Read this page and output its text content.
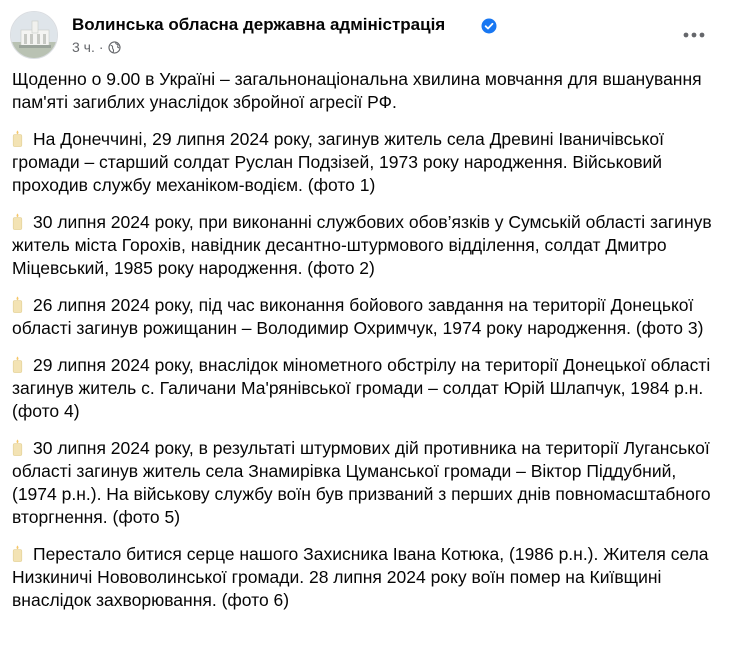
Волинська обласна державна адміністрація
3 ч. ·

Щоденно о 9.00 в Україні – загальнонаціональна хвилина мовчання для вшанування пам'яті загиблих унаслідок збройної агресії РФ.

На Донеччині, 29 липня 2024 року, загинув житель села Древині Іваничівської громади – старший солдат Руслан Подзізей, 1973 року народження. Військовий проходив службу механіком-водієм. (фото 1)

30 липня 2024 року, при виконанні службових обов’язків у Сумській області загинув житель міста Горохів, навідник десантно-штурмового відділення, солдат Дмитро Міцевський, 1985 року народження. (фото 2)

26 липня 2024 року, під час виконання бойового завдання на території Донецької області загинув рожищанин – Володимир Охримчук, 1974 року народження. (фото 3)

29 липня 2024 року, внаслідок мінометного обстрілу на території Донецької області загинув житель с. Галичани Ма'рянівської громади – солдат Юрій Шлапчук, 1984 р.н. (фото 4)

30 липня 2024 року, в результаті штурмових дій противника на території Луганської області загинув житель села Знамирівка Цуманської громади – Віктор Піддубний, (1974 р.н.). На військову службу воїн був призваний з перших днів повномасштабного вторгнення. (фото 5)

Перестало битися серце нашого Захисника Івана Котюка, (1986 р.н.). Жителя села Низкиничі Нововолинської громади. 28 липня 2024 року воїн помер на Київщині внаслідок захворювання. (фото 6)
